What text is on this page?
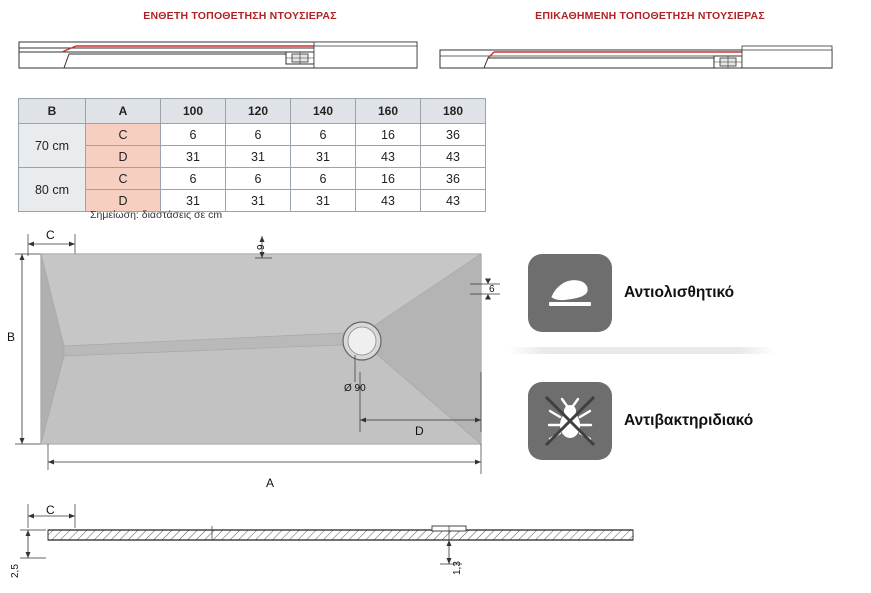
ΕΝΘΕΤΗ ΤΟΠΟΘΕΤΗΣΗ ΝΤΟΥΣΙΕΡΑΣ	ΕΠΙΚΑΘΗΜΕΝΗ ΤΟΠΟΘΕΤΗΣΗ ΝΤΟΥΣΙΕΡΑΣ
B	A	100	120	140	160	180
70 cm	C	6	6	6	16	36
	D	31	31	31	43	43
80 cm	C	6	6	6	16	36
	D	31	31	31	43	43
Σημείωση: διαστάσεις σε cm
C
B
9
6
Ø 90
D
A
C
2,5	1,3
Αντιολισθητικό
Αντιβακτηριδιακό
